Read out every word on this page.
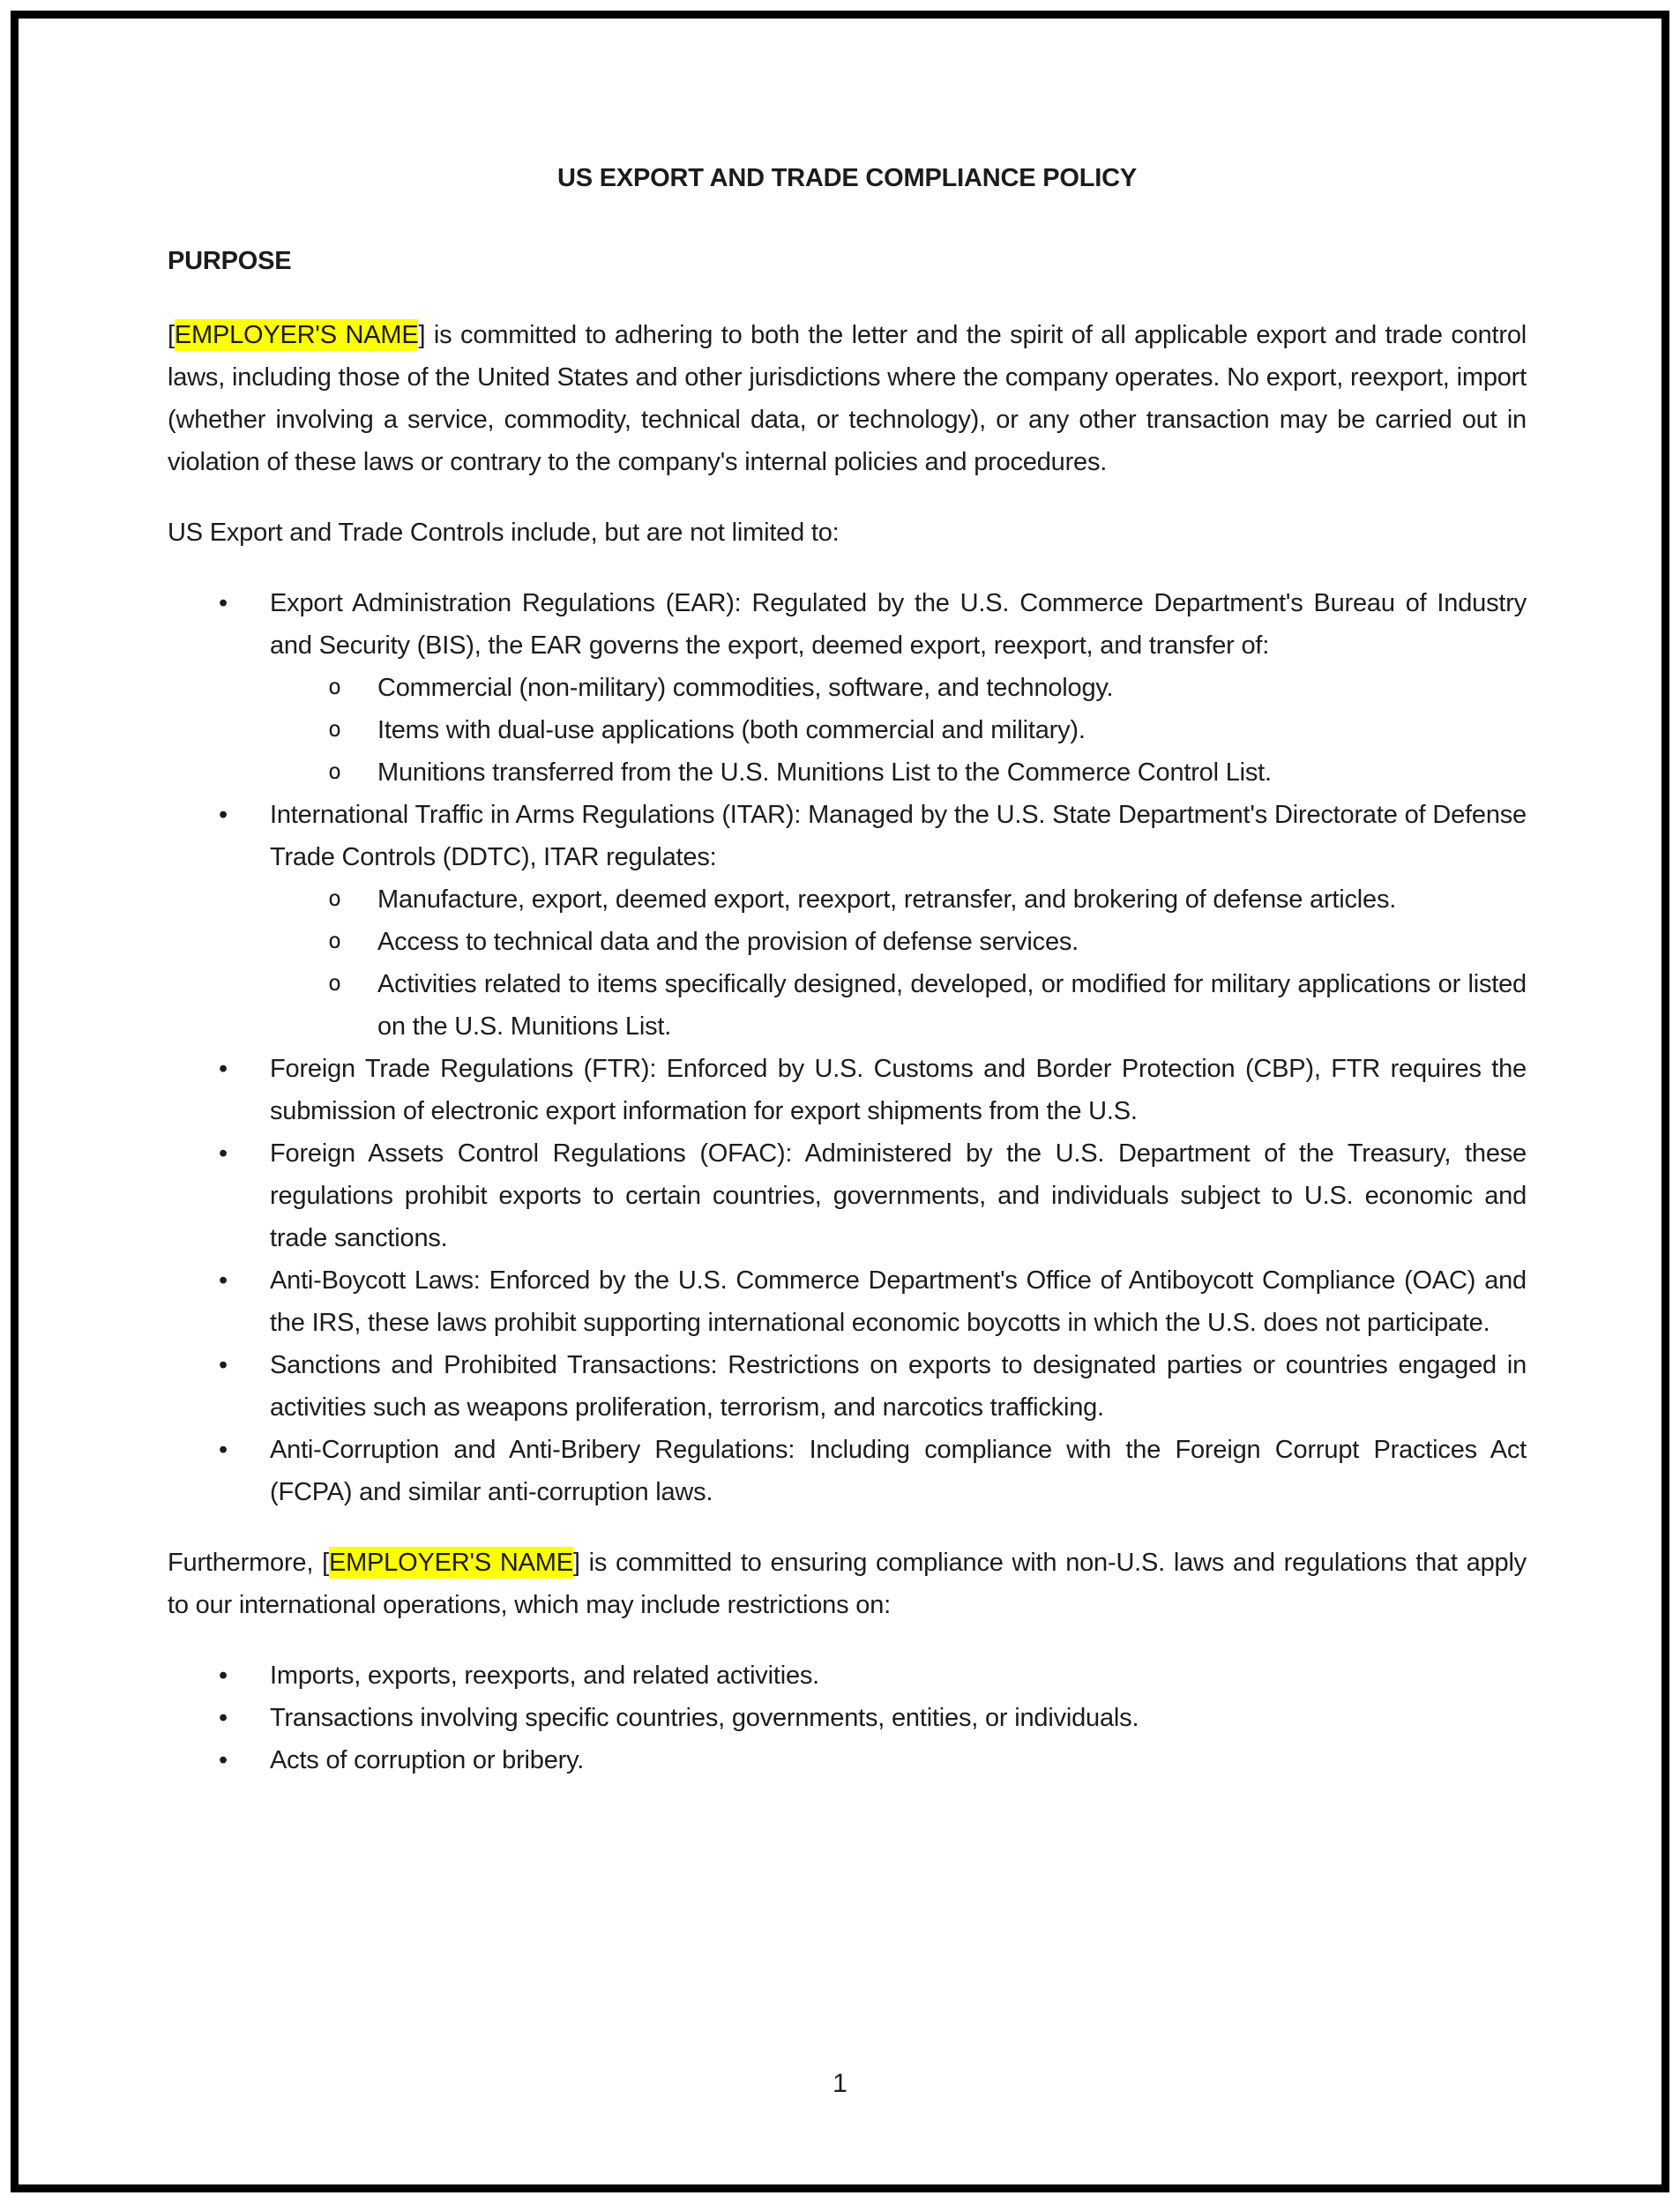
US EXPORT AND TRADE COMPLIANCE POLICY
PURPOSE

[EMPLOYER'S NAME] is committed to adhering to both the letter and the spirit of all applicable export and trade control laws, including those of the United States and other jurisdictions where the company operates. No export, reexport, import (whether involving a service, commodity, technical data, or technology), or any other transaction may be carried out in violation of these laws or contrary to the company's internal policies and procedures.

US Export and Trade Controls include, but are not limited to:
• Export Administration Regulations (EAR): Regulated by the U.S. Commerce Department's Bureau of Industry and Security (BIS), the EAR governs the export, deemed export, reexport, and transfer of:
o Commercial (non-military) commodities, software, and technology.
o Items with dual-use applications (both commercial and military).
o Munitions transferred from the U.S. Munitions List to the Commerce Control List.
• International Traffic in Arms Regulations (ITAR): Managed by the U.S. State Department's Directorate of Defense Trade Controls (DDTC), ITAR regulates:
o Manufacture, export, deemed export, reexport, retransfer, and brokering of defense articles.
o Access to technical data and the provision of defense services.
o Activities related to items specifically designed, developed, or modified for military applications or listed on the U.S. Munitions List.
• Foreign Trade Regulations (FTR): Enforced by U.S. Customs and Border Protection (CBP), FTR requires the submission of electronic export information for export shipments from the U.S.
• Foreign Assets Control Regulations (OFAC): Administered by the U.S. Department of the Treasury, these regulations prohibit exports to certain countries, governments, and individuals subject to U.S. economic and trade sanctions.
• Anti-Boycott Laws: Enforced by the U.S. Commerce Department's Office of Antiboycott Compliance (OAC) and the IRS, these laws prohibit supporting international economic boycotts in which the U.S. does not participate.
• Sanctions and Prohibited Transactions: Restrictions on exports to designated parties or countries engaged in activities such as weapons proliferation, terrorism, and narcotics trafficking.
• Anti-Corruption and Anti-Bribery Regulations: Including compliance with the Foreign Corrupt Practices Act (FCPA) and similar anti-corruption laws.

Furthermore, [EMPLOYER'S NAME] is committed to ensuring compliance with non-U.S. laws and regulations that apply to our international operations, which may include restrictions on:

• Imports, exports, reexports, and related activities.
• Transactions involving specific countries, governments, entities, or individuals.
• Acts of corruption or bribery.
1
